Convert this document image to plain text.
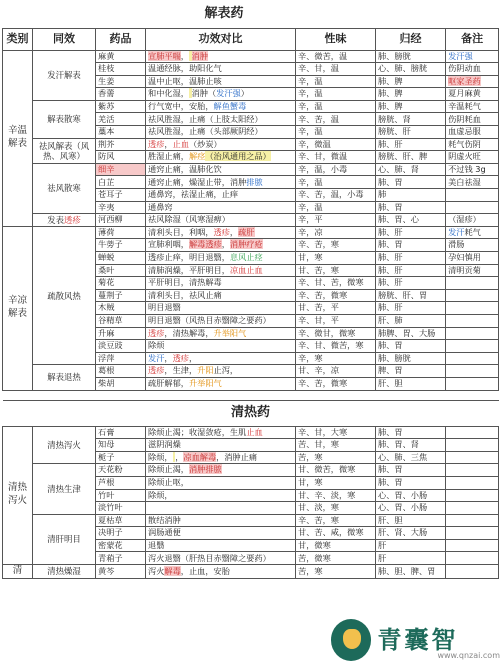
解表药						
类别	同效	药品	功效对比	性味	归经	备注
辛温解表	发汗解表	麻黄	宣肺平喘， 消肿	辛、微苦，温	肺、膀胱	发汗强
		桂枝	温通经脉，助阳化气	辛、甘，温	心、肺、膀胱	伤阴动血
		生姜	温中止呕，温肺止咳	辛，温	肺、脾	呕家圣药
		香薷	和中化湿， 消肿（发汗强）	辛，温	肺、脾	夏月麻黄
	解表散寒	紫苏	行气宽中，安胎，解鱼蟹毒	辛，温	肺、脾	辛温耗气
		羌活	祛风胜湿，止痛（上肢太阳经）	辛、苦，温	膀胱、肾	伤阴耗血
		藁本	祛风胜湿，止痛（头部厥阴经）	辛，温	膀胱、肝	血虚忌服
	祛风解表（风热、风寒）	荆芥	透疹，止血（炒炭）	辛，微温	肺、肝	耗气伤阴
		防风	胜湿止痛，解痉（治风通用之品）	辛、甘，微温	膀胱、肝、脾	阴虚火旺
	祛风散寒	细辛	通窍止痛，温肺化饮	辛，温，小毒	心、肺、肾	不过钱 3g
		白芷	通窍止痛，燥湿止带，消肿排脓	辛，温	肺、胃	美白祛湿
		苍耳子	通鼻窍，祛湿止痛，止痒	辛、苦，温，小毒	肺	
		辛夷	通鼻窍	辛，温	肺、胃	
	发表透疹	河西柳	祛风除湿（风寒湿痹）	辛，平	肺、胃、心	（湿疹）
辛凉解表	疏散风热	薄荷	清利头目，利咽，透疹，疏肝	辛，凉	肺、肝	发汗耗气
		牛蒡子	宣肺利咽，解毒透疹，消肿疗疮	辛、苦，寒	肺、胃	滑肠
		蝉蜕	透疹止痒，明目退翳，息风止痉	甘，寒	肺、肝	孕妇慎用
		桑叶	清肺润燥，平肝明目，凉血止血	甘、苦，寒	肺、肝	清明贡菊
		菊花	平肝明目，清热解毒	辛、甘、苦，微寒	肺、肝	
		蔓荆子	清利头目，祛风止痛	辛、苦，微寒	膀胱、肝、胃	
		木贼	明目退翳	甘、苦，平	肺、肝	
		谷精草	明目退翳（风热目赤翳障之要药）	辛、甘，平	肝、肺	
		升麻	透疹，清热解毒，升举阳气	辛、微甘，微寒	肺脾、胃、大肠	
		淡豆豉	除烦	辛、甘、微苦，寒	肺、胃	
		浮萍	发汗，透疹，	辛，寒	肺、膀胱	
	解表退热	葛根	透疹，生津，升阳止泻，	甘、辛，凉	脾、胃	
		柴胡	疏肝解郁，升举阳气	辛、苦，微寒	肝、胆	

清热药						
清热泻火	清热泻火	石膏	除烦止渴；收湿敛疮，生肌止血	辛、甘，大寒	肺、胃	
		知母	滋阴润燥	苦、甘，寒	肺、胃、肾	
		栀子	除烦， ，凉血解毒，消肿止痛	苦，寒	心、肺、三焦	
	清热生津	天花粉	除烦止渴，消肿排脓	甘、微苦，微寒	肺、胃	
		芦根	除烦止呕，	甘，寒	肺、胃	
		竹叶	除烦，	甘、辛、淡，寒	心、胃、小肠	
		淡竹叶		甘、淡，寒	心、胃、小肠	
	清肝明目	夏枯草	散结消肿	辛、苦，寒	肝、胆	
		决明子	润肠通便	甘、苦、咸，微寒	肝、肾、大肠	
		密蒙花	退翳	甘，微寒	肝	
		青葙子	泻火退翳（肝热目赤翳障之要药）	苦，微寒	肝	
清	清热燥湿	黄芩	泻火解毒，止血，安胎	苦，寒	肺、胆、脾、胃	
青囊智
www.qnzai.com
